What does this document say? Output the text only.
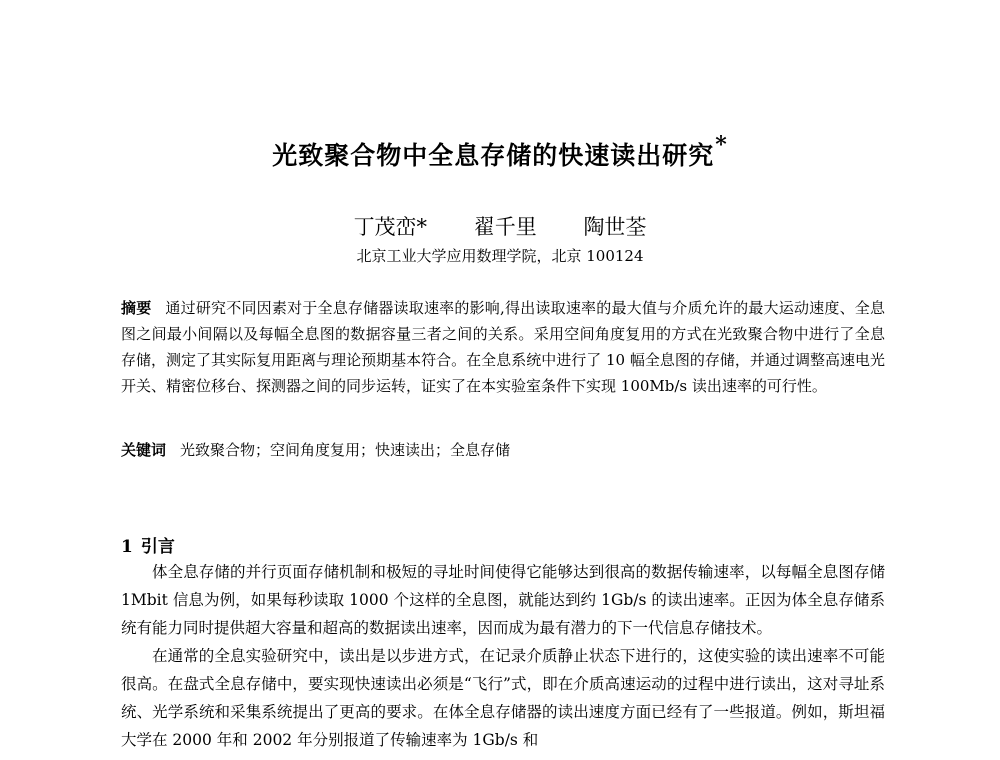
光致聚合物中全息存储的快速读出研究*
丁茂峦* 翟千里 陶世荃
北京工业大学应用数理学院，北京 100124
摘要 通过研究不同因素对于全息存储器读取速率的影响,得出读取速率的最大值与介质允许的最大运动速度、全息图之间最小间隔以及每幅全息图的数据容量三者之间的关系。采用空间角度复用的方式在光致聚合物中进行了全息存储，测定了其实际复用距离与理论预期基本符合。在全息系统中进行了 10 幅全息图的存储，并通过调整高速电光开关、精密位移台、探测器之间的同步运转，证实了在本实验室条件下实现 100Mb/s 读出速率的可行性。
关键词 光致聚合物；空间角度复用；快速读出；全息存储
1 引言

体全息存储的并行页面存储机制和极短的寻址时间使得它能够达到很高的数据传输速率，以每幅全息图存储 1Mbit 信息为例，如果每秒读取 1000 个这样的全息图，就能达到约 1Gb/s 的读出速率。正因为体全息存储系统有能力同时提供超大容量和超高的数据读出速率，因而成为最有潜力的下一代信息存储技术。

在通常的全息实验研究中，读出是以步进方式，在记录介质静止状态下进行的，这使实验的读出速率不可能很高。在盘式全息存储中，要实现快速读出必须是“飞行”式，即在介质高速运动的过程中进行读出，这对寻址系统、光学系统和采集系统提出了更高的要求。在体全息存储器的读出速度方面已经有了一些报道。例如，斯坦福大学在 2000 年和 2002 年分别报道了传输速率为 1Gb/s 和
